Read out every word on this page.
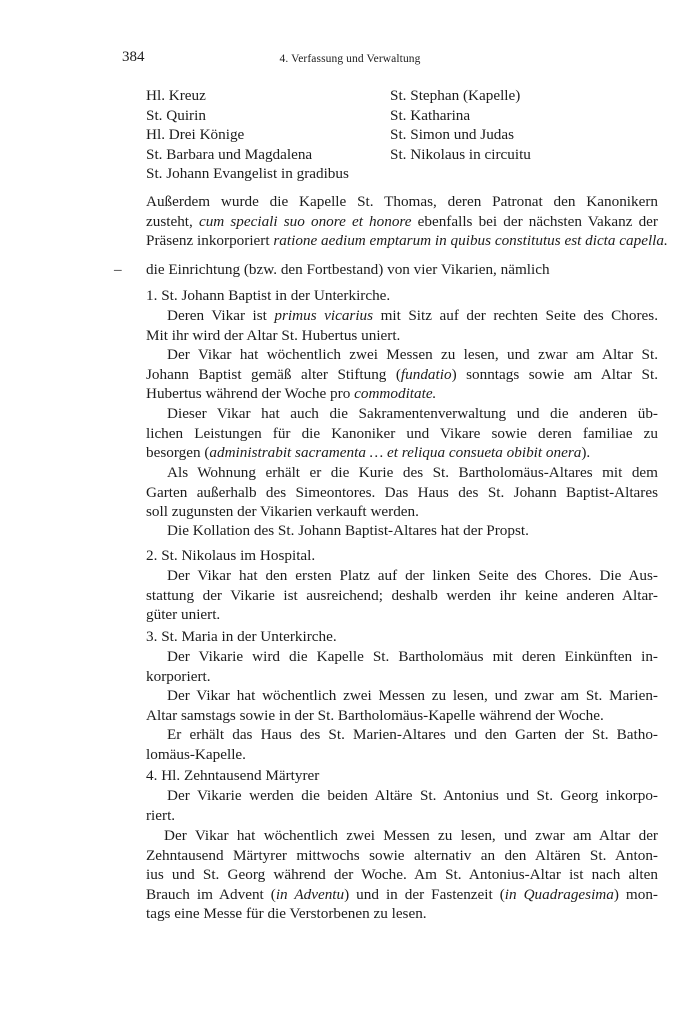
384	4. Verfassung und Verwaltung
Hl. Kreuz
St. Quirin
Hl. Drei Könige
St. Barbara und Magdalena
St. Johann Evangelist in gradibus
St. Stephan (Kapelle)
St. Katharina
St. Simon und Judas
St. Nikolaus in circuitu
Außerdem wurde die Kapelle St. Thomas, deren Patronat den Kanonikern
zusteht, cum speciali suo onore et honore ebenfalls bei der nächsten Vakanz der
Präsenz inkorporiert ratione aedium emptarum in quibus constitutus est dicta capella.
– die Einrichtung (bzw. den Fortbestand) von vier Vikarien, nämlich
1. St. Johann Baptist in der Unterkirche.
Deren Vikar ist primus vicarius mit Sitz auf der rechten Seite des Chores.
Mit ihr wird der Altar St. Hubertus uniert.
Der Vikar hat wöchentlich zwei Messen zu lesen, und zwar am Altar St.
Johann Baptist gemäß alter Stiftung (fundatio) sonntags sowie am Altar St.
Hubertus während der Woche pro commoditate.
Dieser Vikar hat auch die Sakramentenverwaltung und die anderen üb-
lichen Leistungen für die Kanoniker und Vikare sowie deren familiae zu
besorgen (administrabit sacramenta … et reliqua consueta obibit onera).
Als Wohnung erhält er die Kurie des St. Bartholomäus-Altares mit dem
Garten außerhalb des Simeontores. Das Haus des St. Johann Baptist-Altares
soll zugunsten der Vikarien verkauft werden.
Die Kollation des St. Johann Baptist-Altares hat der Propst.
2. St. Nikolaus im Hospital.
Der Vikar hat den ersten Platz auf der linken Seite des Chores. Die Aus-
stattung der Vikarie ist ausreichend; deshalb werden ihr keine anderen Altar-
güter uniert.
3. St. Maria in der Unterkirche.
Der Vikarie wird die Kapelle St. Bartholomäus mit deren Einkünften in-
korporiert.
Der Vikar hat wöchentlich zwei Messen zu lesen, und zwar am St. Marien-
Altar samstags sowie in der St. Bartholomäus-Kapelle während der Woche.
Er erhält das Haus des St. Marien-Altares und den Garten der St. Batho-
lomäus-Kapelle.
4. Hl. Zehntausend Märtyrer
Der Vikarie werden die beiden Altäre St. Antonius und St. Georg inkorpo-
riert.
Der Vikar hat wöchentlich zwei Messen zu lesen, und zwar am Altar der
Zehntausend Märtyrer mittwochs sowie alternativ an den Altären St. Anton-
ius und St. Georg während der Woche. Am St. Antonius-Altar ist nach alten
Brauch im Advent (in Adventu) und in der Fastenzeit (in Quadragesima) mon-
tags eine Messe für die Verstorbenen zu lesen.
